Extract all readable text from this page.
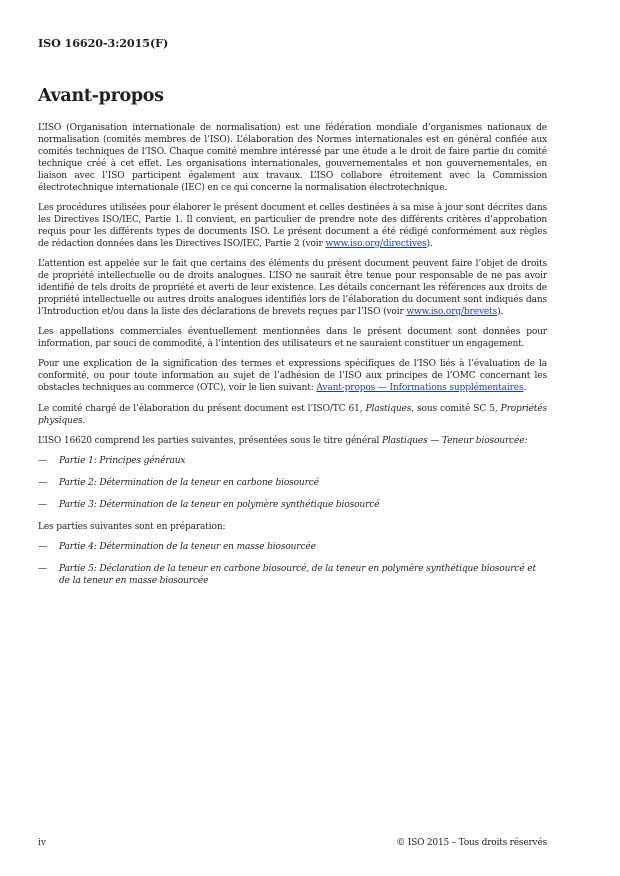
ISO 16620-3:2015(F)
Avant-propos

L’ISO (Organisation internationale de normalisation) est une fédération mondiale d’organismes nationaux de normalisation (comités membres de l’ISO). L’élaboration des Normes internationales est en général confiée aux comités techniques de l’ISO. Chaque comité membre intéressé par une étude a le droit de faire partie du comité technique créé à cet effet. Les organisations internationales, gouvernementales et non gouvernementales, en liaison avec l’ISO participent également aux travaux. L’ISO collabore étroitement avec la Commission électrotechnique internationale (IEC) en ce qui concerne la normalisation électrotechnique.

Les procédures utilisées pour élaborer le présent document et celles destinées à sa mise à jour sont décrites dans les Directives ISO/IEC, Partie 1. Il convient, en particulier de prendre note des différents critères d’approbation requis pour les différents types de documents ISO. Le présent document a été rédigé conformément aux règles de rédaction données dans les Directives ISO/IEC, Partie 2 (voir www.iso.org/directives).

L’attention est appelée sur le fait que certains des éléments du présent document peuvent faire l’objet de droits de propriété intellectuelle ou de droits analogues. L’ISO ne saurait être tenue pour responsable de ne pas avoir identifié de tels droits de propriété et averti de leur existence. Les détails concernant les références aux droits de propriété intellectuelle ou autres droits analogues identifiés lors de l’élaboration du document sont indiqués dans l’Introduction et/ou dans la liste des déclarations de brevets reçues par l’ISO (voir www.iso.org/brevets).

Les appellations commerciales éventuellement mentionnées dans le présent document sont données pour information, par souci de commodité, à l’intention des utilisateurs et ne sauraient constituer un engagement.

Pour une explication de la signification des termes et expressions spécifiques de l’ISO liés à l’évaluation de la conformité, ou pour toute information au sujet de l’adhésion de l’ISO aux principes de l’OMC concernant les obstacles techniques au commerce (OTC), voir le lien suivant: Avant-propos — Informations supplémentaires.

Le comité chargé de l’élaboration du présent document est l’ISO/TC 61, Plastiques, sous comité SC 5, Propriétés physiques.

L’ISO 16620 comprend les parties suivantes, présentées sous le titre général Plastiques — Teneur biosourcée:

— Partie 1: Principes généraux
— Partie 2: Détermination de la teneur en carbone biosourcé
— Partie 3: Détermination de la teneur en polymère synthétique biosourcé

Les parties suivantes sont en préparation:

— Partie 4: Détermination de la teneur en masse biosourcée
— Partie 5: Déclaration de la teneur en carbone biosourcé, de la teneur en polymère synthétique biosourcé et de la teneur en masse biosourcée
iv	© ISO 2015 – Tous droits réservés
